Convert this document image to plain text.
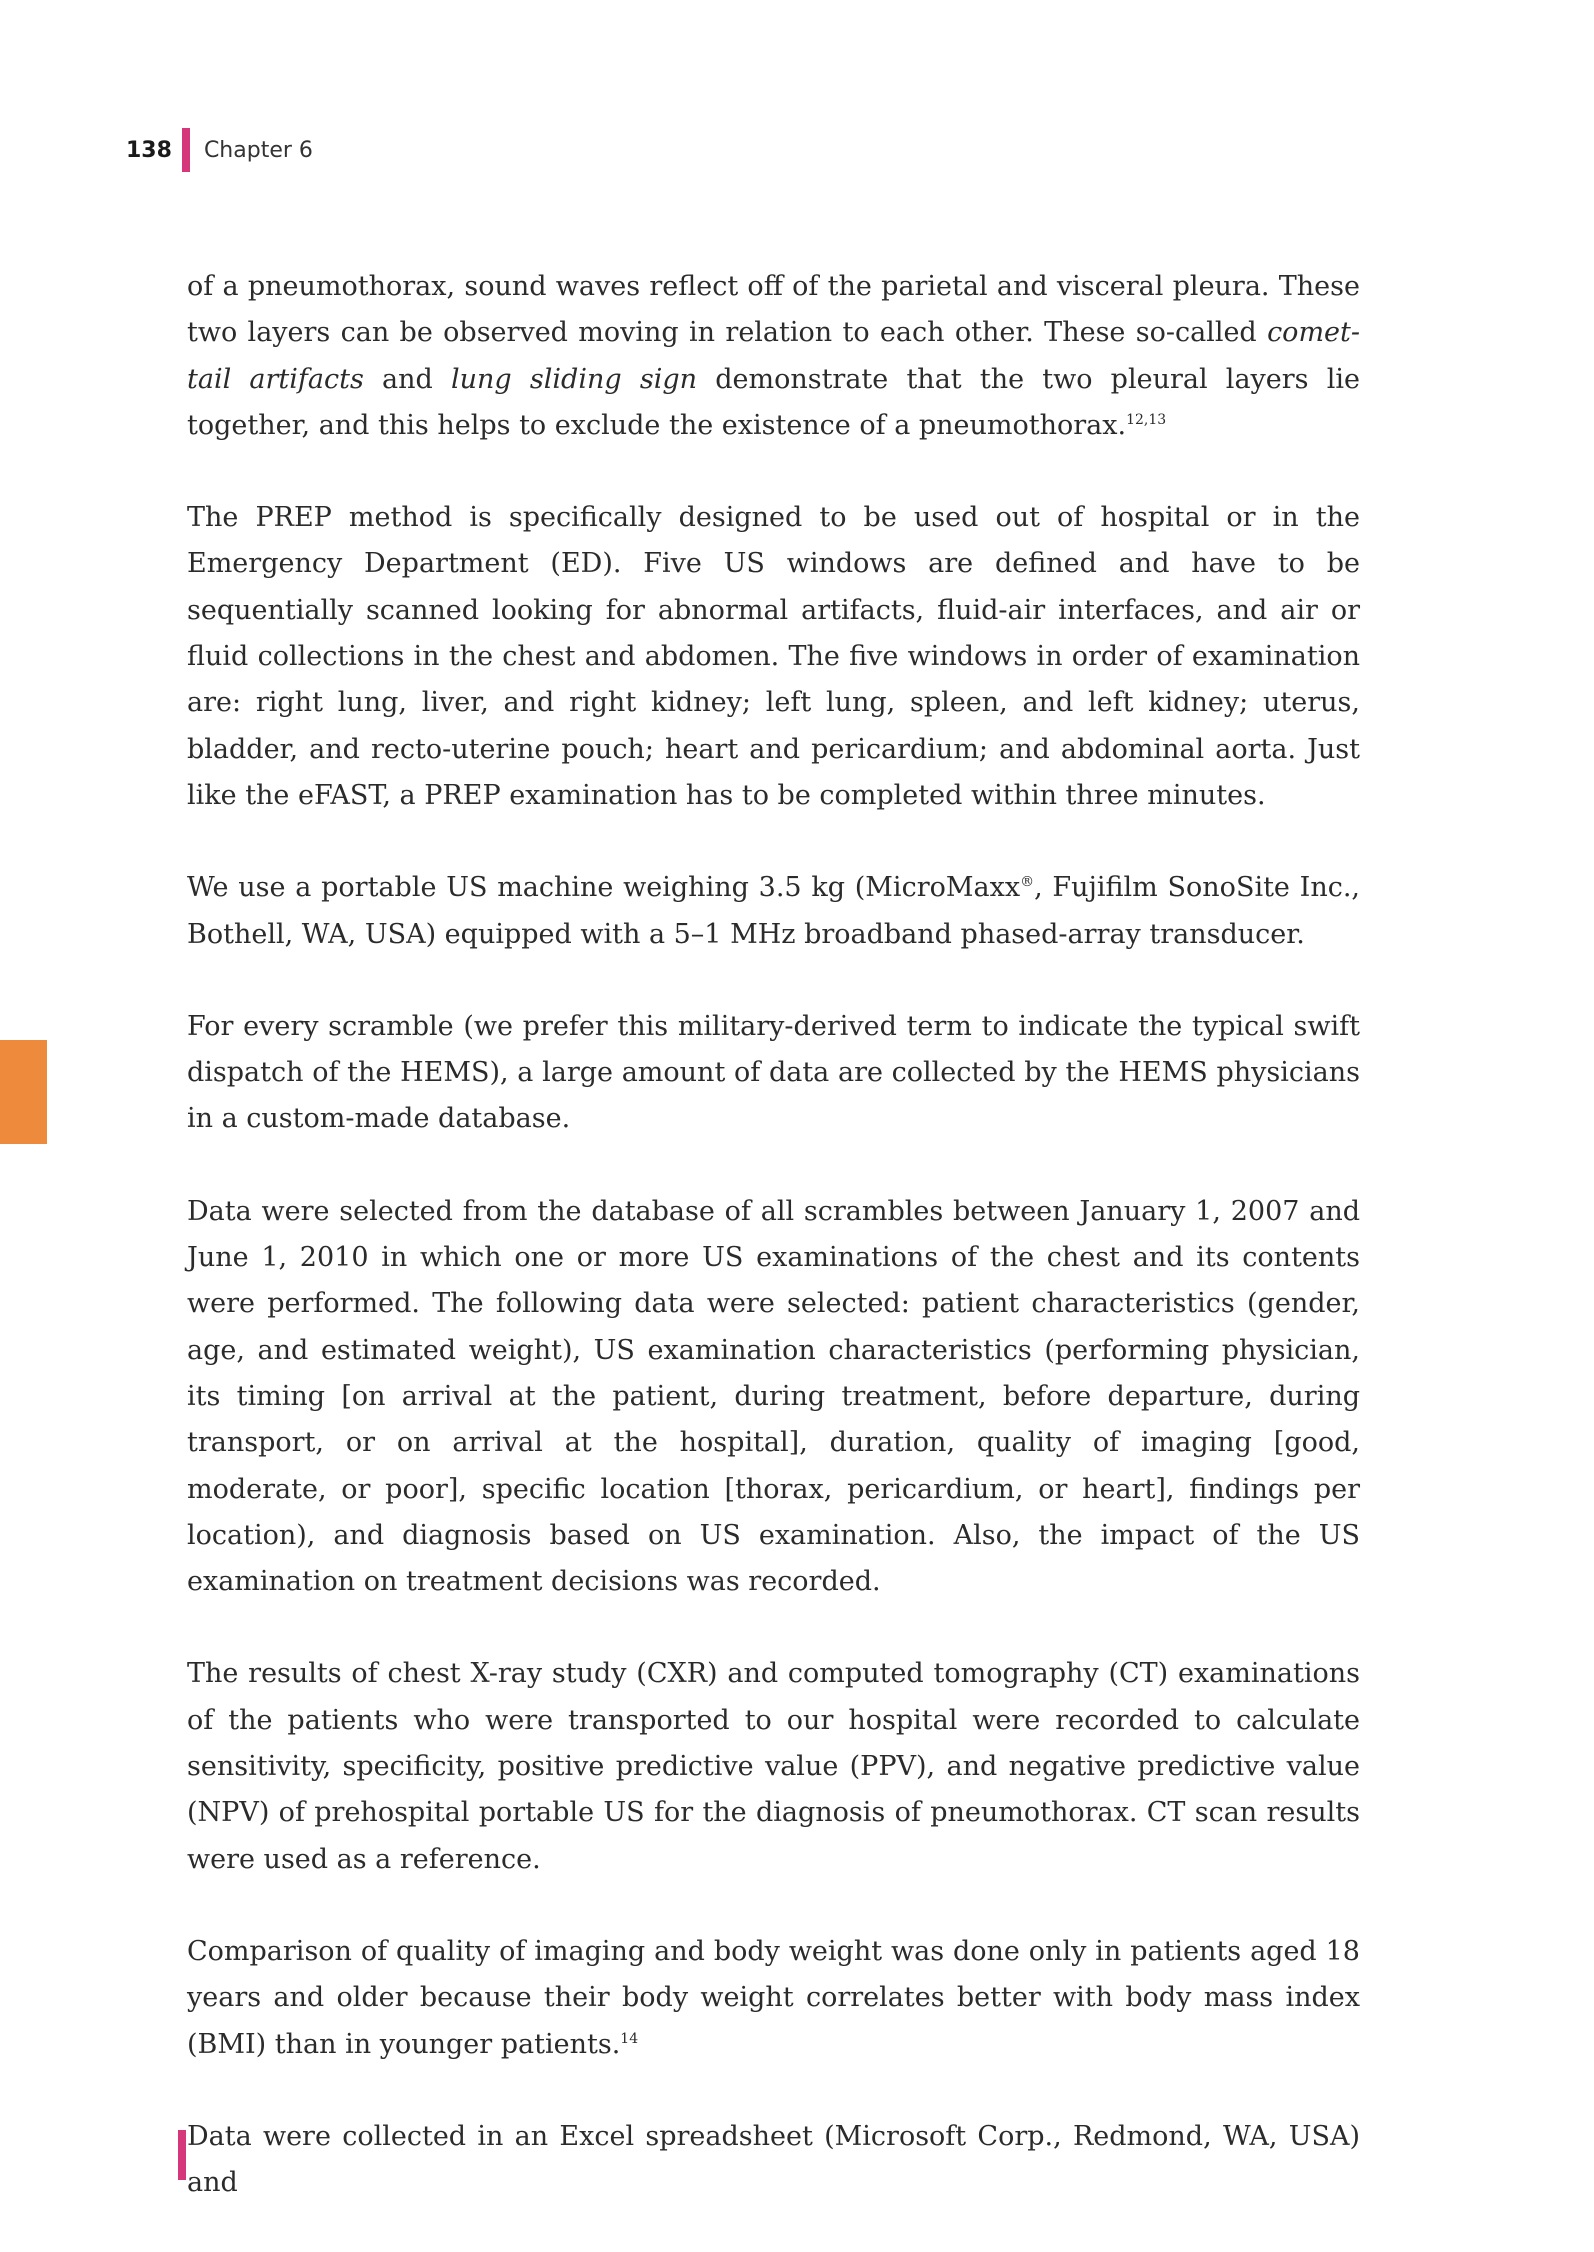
138 Chapter 6

of a pneumothorax, sound waves reflect off of the parietal and visceral pleura. These two layers can be observed moving in relation to each other. These so-called comet-tail artifacts and lung sliding sign demonstrate that the two pleural layers lie together, and this helps to exclude the existence of a pneumothorax.$^{12,13}$

The PREP method is specifically designed to be used out of hospital or in the Emergency Department (ED). Five US windows are defined and have to be sequentially scanned looking for abnormal artifacts, fluid-air interfaces, and air or fluid collections in the chest and abdomen. The five windows in order of examination are: right lung, liver, and right kidney; left lung, spleen, and left kidney; uterus, bladder, and recto-uterine pouch; heart and pericardium; and abdominal aorta. Just like the eFAST, a PREP examination has to be completed within three minutes.

We use a portable US machine weighing 3.5 kg (MicroMaxx®, Fujifilm SonoSite Inc., Bothell, WA, USA) equipped with a 5–1 MHz broadband phased-array transducer.

For every scramble (we prefer this military-derived term to indicate the typical swift dispatch of the HEMS), a large amount of data are collected by the HEMS physicians in a custom-made database.

Data were selected from the database of all scrambles between January 1, 2007 and June 1, 2010 in which one or more US examinations of the chest and its contents were performed. The following data were selected: patient characteristics (gender, age, and estimated weight), US examination characteristics (performing physician, its timing [on arrival at the patient, during treatment, before departure, during transport, or on arrival at the hospital], duration, quality of imaging [good, moderate, or poor], specific location [thorax, pericardium, or heart], findings per location), and diagnosis based on US examination. Also, the impact of the US examination on treatment decisions was recorded.

The results of chest X-ray study (CXR) and computed tomography (CT) examinations of the patients who were transported to our hospital were recorded to calculate sensitivity, specificity, positive predictive value (PPV), and negative predictive value (NPV) of prehospital portable US for the diagnosis of pneumothorax. CT scan results were used as a reference.

Comparison of quality of imaging and body weight was done only in patients aged 18 years and older because their body weight correlates better with body mass index (BMI) than in younger patients.$^{14}$

Data were collected in an Excel spreadsheet (Microsoft Corp., Redmond, WA, USA) and
